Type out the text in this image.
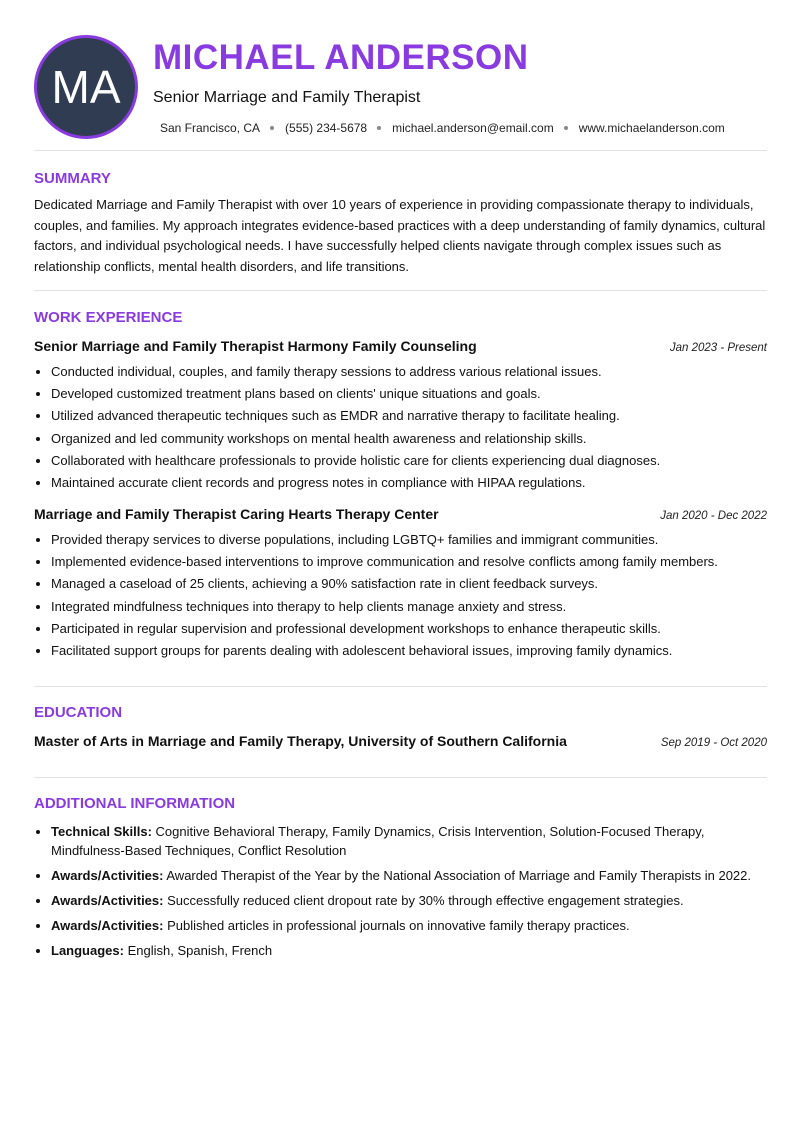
MA
MICHAEL ANDERSON
Senior Marriage and Family Therapist
San Francisco, CA (555) 234-5678 michael.anderson@email.com www.michaelanderson.com
SUMMARY
Dedicated Marriage and Family Therapist with over 10 years of experience in providing compassionate therapy to individuals, couples, and families. My approach integrates evidence-based practices with a deep understanding of family dynamics, cultural factors, and individual psychological needs. I have successfully helped clients navigate through complex issues such as relationship conflicts, mental health disorders, and life transitions.
WORK EXPERIENCE
Senior Marriage and Family Therapist Harmony Family Counseling	Jan 2023 - Present
• Conducted individual, couples, and family therapy sessions to address various relational issues.
• Developed customized treatment plans based on clients' unique situations and goals.
• Utilized advanced therapeutic techniques such as EMDR and narrative therapy to facilitate healing.
• Organized and led community workshops on mental health awareness and relationship skills.
• Collaborated with healthcare professionals to provide holistic care for clients experiencing dual diagnoses.
• Maintained accurate client records and progress notes in compliance with HIPAA regulations.
Marriage and Family Therapist Caring Hearts Therapy Center	Jan 2020 - Dec 2022
• Provided therapy services to diverse populations, including LGBTQ+ families and immigrant communities.
• Implemented evidence-based interventions to improve communication and resolve conflicts among family members.
• Managed a caseload of 25 clients, achieving a 90% satisfaction rate in client feedback surveys.
• Integrated mindfulness techniques into therapy to help clients manage anxiety and stress.
• Participated in regular supervision and professional development workshops to enhance therapeutic skills.
• Facilitated support groups for parents dealing with adolescent behavioral issues, improving family dynamics.
EDUCATION
Master of Arts in Marriage and Family Therapy, University of Southern California	Sep 2019 - Oct 2020
ADDITIONAL INFORMATION
• Technical Skills: Cognitive Behavioral Therapy, Family Dynamics, Crisis Intervention, Solution-Focused Therapy, Mindfulness-Based Techniques, Conflict Resolution
• Awards/Activities: Awarded Therapist of the Year by the National Association of Marriage and Family Therapists in 2022.
• Awards/Activities: Successfully reduced client dropout rate by 30% through effective engagement strategies.
• Awards/Activities: Published articles in professional journals on innovative family therapy practices.
• Languages: English, Spanish, French
